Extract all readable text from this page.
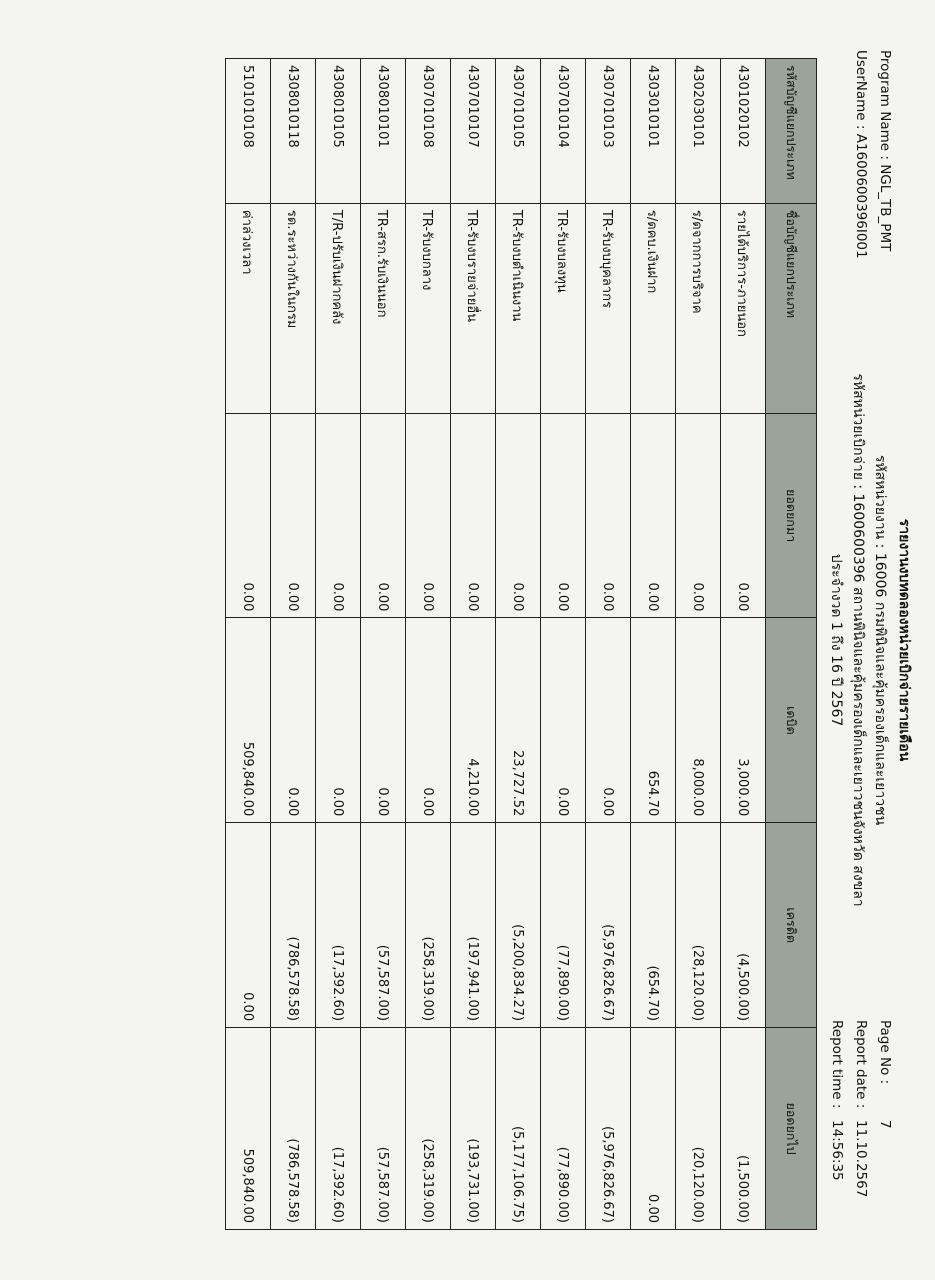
Program Name : NGL_TB_PMT
UserName : A1600600396I001
รายงานงบทดลองหน่วยเบิกจ่ายรายเดือน
รหัสหน่วยงาน : 16006 กรมพินิจและคุ้มครองเด็กและเยาวชน
รหัสหน่วยเบิกจ่าย : 1600600396 สถานพินิจและคุ้มครองเด็กและเยาวชนจังหวัด สงขลา
ประจำงวด 1 ถึง 16 ปี 2567
Page No :
7
Report date :
11.10.2567
Report time :
14:56:35
รหัสบัญชีแยกประเภท	ชื่อบัญชีแยกประเภท	ยอดยกมา	เดบิต	เครดิต	ยอดยกไป
4301020102	รายได้บริการ-ภายนอก	0.00	3,000.00	(4,500.00)	(1,500.00)
4302030101	ร/ดจากการบริจาค	0.00	8,000.00	(28,120.00)	(20,120.00)
4303010101	ร/ดคบ.เงินฝาก	0.00	654.70	(654.70)	0.00
4307010103	TR-รับงบบุคลากร	0.00	0.00	(5,976,826.67)	(5,976,826.67)
4307010104	TR-รับงบลงทุน	0.00	0.00	(77,890.00)	(77,890.00)
4307010105	TR-รับงบดำเนินงาน	0.00	23,727.52	(5,200,834.27)	(5,177,106.75)
4307010107	TR-รับงบรายจ่ายอื่น	0.00	4,210.00	(197,941.00)	(193,731.00)
4307010108	TR-รับงบกลาง	0.00	0.00	(258,319.00)	(258,319.00)
4308010101	TR-สรก.รับเงินนอก	0.00	0.00	(57,587.00)	(57,587.00)
4308010105	T/R-ปรับเงินฝากคลัง	0.00	0.00	(17,392.60)	(17,392.60)
4308010118	รด.ระหว่างกันในกรม	0.00	0.00	(786,578.58)	(786,578.58)
5101010108	ค่าล่วงเวลา	0.00	509,840.00	0.00	509,840.00
